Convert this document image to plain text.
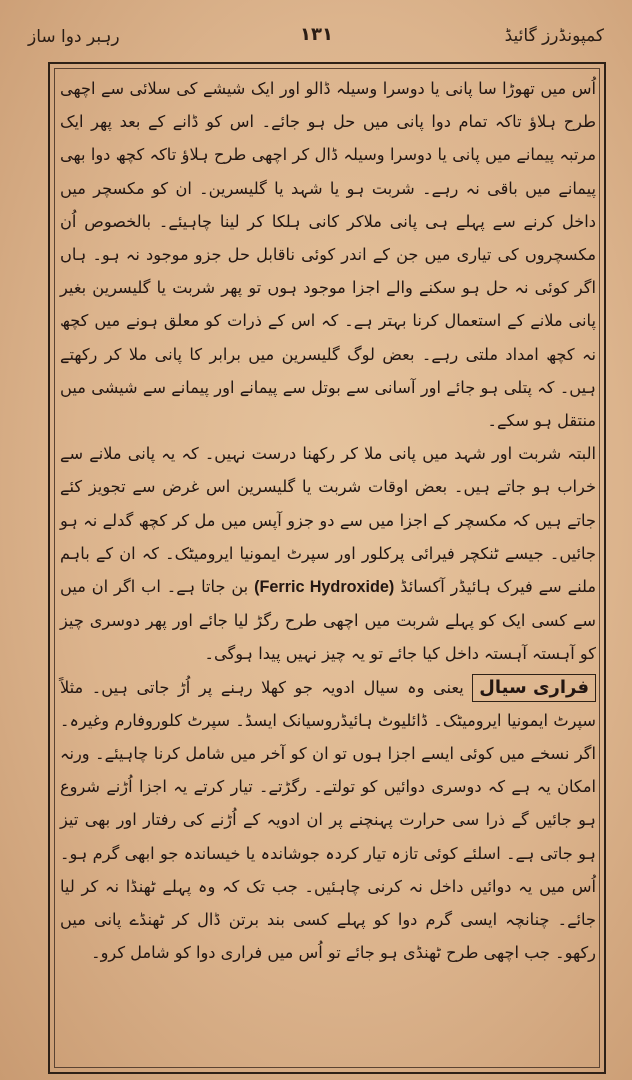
کمپونڈرز گائیڈ
۱۳۱
رہبر دوا ساز

اُس میں تھوڑا سا پانی یا دوسرا وسیلہ ڈالو اور ایک شیشے کی سلائی سے اچھی طرح ہلاؤ تاکہ تمام دوا پانی میں حل ہو جائے۔ اس کو ڈانے کے بعد پھر ایک مرتبہ پیمانے میں پانی یا دوسرا وسیلہ ڈال کر اچھی طرح ہلاؤ تاکہ کچھ دوا بھی پیمانے میں باقی نہ رہے۔ شربت ہو یا شہد یا گلیسرین۔ ان کو مکسچر میں داخل کرنے سے پہلے ہی پانی ملاکر کانی ہلکا کر لینا چاہیئے۔ بالخصوص اُن مکسچروں کی تیاری میں جن کے اندر کوئی ناقابل حل جزو موجود نہ ہو۔ ہاں اگر کوئی نہ حل ہو سکنے والے اجزا موجود ہوں تو پھر شربت یا گلیسرین بغیر پانی ملانے کے استعمال کرنا بہتر ہے۔ کہ اس کے ذرات کو معلق ہونے میں کچھ نہ کچھ امداد ملتی رہے۔ بعض لوگ گلیسرین میں برابر کا پانی ملا کر رکھتے ہیں۔ کہ پتلی ہو جائے اور آسانی سے بوتل سے پیمانے اور پیمانے سے شیشی میں منتقل ہو سکے۔

البتہ شربت اور شہد میں پانی ملا کر رکھنا درست نہیں۔ کہ یہ پانی ملانے سے خراب ہو جاتے ہیں۔ بعض اوقات شربت یا گلیسرین اس غرض سے تجویز کئے جاتے ہیں کہ مکسچر کے اجزا میں سے دو جزو آپس میں مل کر کچھ گدلے نہ ہو جائیں۔ جیسے ٹنکچر فیرائی پرکلور اور سپرٹ ایمونیا ایرومیٹک۔ کہ ان کے باہم ملنے سے فیرک ہائیڈر آکسائڈ (Ferric Hydroxide) بن جاتا ہے۔ اب اگر ان میں سے کسی ایک کو پہلے شربت میں اچھی طرح رگڑ لیا جائے اور پھر دوسری چیز کو آہستہ آہستہ داخل کیا جائے تو یہ چیز نہیں پیدا ہوگی۔

فراری سیال یعنی وہ سیال ادویہ جو کھلا رہنے پر اُڑ جاتی ہیں۔ مثلاً سپرٹ ایمونیا ایرومیٹک۔ ڈائلیوٹ ہائیڈروسیانک ایسڈ۔ سپرٹ کلوروفارم وغیرہ۔ اگر نسخے میں کوئی ایسے اجزا ہوں تو ان کو آخر میں شامل کرنا چاہیئے۔ ورنہ امکان یہ ہے کہ دوسری دوائیں کو تولتے۔ رگڑتے۔ تیار کرتے یہ اجزا اُڑنے شروع ہو جائیں گے ذرا سی حرارت پہنچنے پر ان ادویہ کے اُڑنے کی رفتار اور بھی تیز ہو جاتی ہے۔ اسلئے کوئی تازہ تیار کردہ جوشاندہ یا خیساندہ جو ابھی گرم ہو۔ اُس میں یہ دوائیں داخل نہ کرنی چاہئیں۔ جب تک کہ وہ پہلے ٹھنڈا نہ کر لیا جائے۔ چنانچہ ایسی گرم دوا کو پہلے کسی بند برتن ڈال کر ٹھنڈے پانی میں رکھو۔ جب اچھی طرح ٹھنڈی ہو جائے تو اُس میں فراری دوا کو شامل کرو۔
